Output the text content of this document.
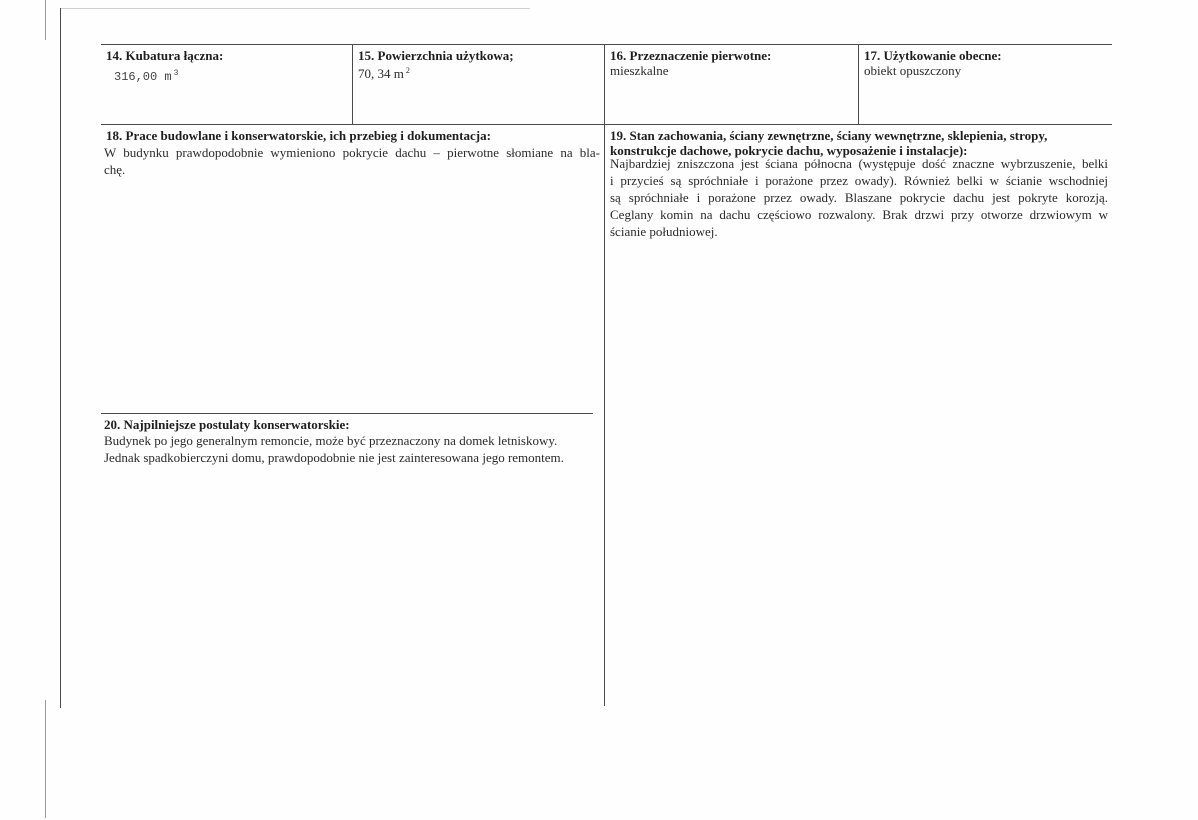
14. Kubatura łączna:
316,00 m $^3$
15. Powierzchnia użytkowa;
70, 34 m $^2$
16. Przeznaczenie pierwotne:
mieszkalne
17. Użytkowanie obecne:
obiekt opuszczony
18. Prace budowlane i konserwatorskie, ich przebieg i dokumentacja:
W budynku prawdopodobnie wymieniono pokrycie dachu – pierwotne słomiane na bla-
chę.
19. Stan zachowania, ściany zewnętrzne, ściany wewnętrzne, sklepienia, stropy,
konstrukcje dachowe, pokrycie dachu, wyposażenie i instalacje):
Najbardziej zniszczona jest ściana północna (występuje dość znaczne wybrzuszenie, belki
i przycieś są spróchniałe i porażone przez owady). Również belki w ścianie wschodniej
są spróchniałe i porażone przez owady. Blaszane pokrycie dachu jest pokryte korozją.
Ceglany komin na dachu częściowo rozwalony. Brak drzwi przy otworze drzwiowym w
ścianie południowej.
20. Najpilniejsze postulaty konserwatorskie:
Budynek po jego generalnym remoncie, może być przeznaczony na domek letniskowy.
Jednak spadkobierczyni domu, prawdopodobnie nie jest zainteresowana jego remontem.
